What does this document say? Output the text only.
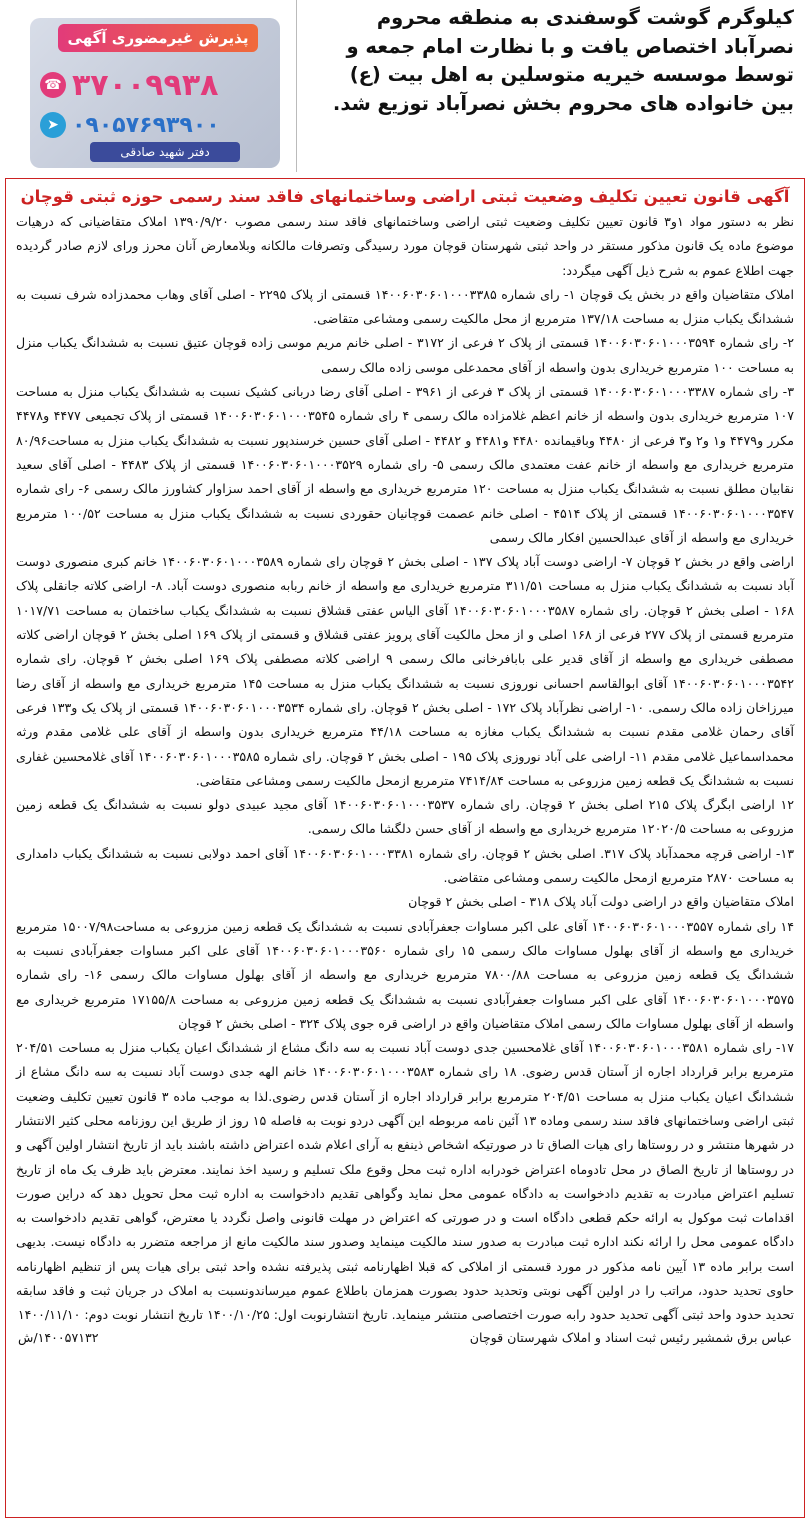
پذیرش غیرمضوری آگهی
☎ ۳۷۰۰۹۹۳۸
➤ ۰۹۰۵۷۶۹۳۹۰۰
دفتر شهید صادقی

کیلوگرم گوشت گوسفندی به منطقه محروم

نصرآباد اختصاص یافت و با نظارت امام جمعه و

توسط موسسه خیریه متوسلین به اهل بیت (ع)

بین خانواده های محروم بخش نصرآباد توزیع شد.

آگهی قانون تعیین تکلیف وضعیت ثبتی اراضی وساختمانهای فاقد سند رسمی حوزه ثبتی قوچان

نظر به دستور مواد ۱و۳ قانون تعیین تکلیف وضعیت ثبتی اراضی وساختمانهای فاقد سند رسمی مصوب ۱۳۹۰/۹/۲۰ املاک متقاضیانی که درهیات موضوع ماده یک قانون مذکور مستقر در واحد ثبتی شهرستان قوچان مورد رسیدگی وتصرفات مالکانه وبلامعارض آنان محرز ورای لازم صادر گردیده جهت اطلاع عموم به شرح ذیل آگهی میگردد:

املاک متقاضیان واقع در بخش یک قوچان ۱- رای شماره ۱۴۰۰۶۰۳۰۶۰۱۰۰۰۳۳۸۵ قسمتی از پلاک ۲۲۹۵ - اصلی آقای وهاب محمدزاده شرف نسبت به ششدانگ یکباب منزل به مساحت ۱۳۷/۱۸ مترمربع از محل مالکیت رسمی ومشاعی متقاضی.

۲- رای شماره ۱۴۰۰۶۰۳۰۶۰۱۰۰۰۳۵۹۴ قسمتی از پلاک ۲ فرعی از ۳۱۷۲ - اصلی خانم مریم موسی زاده قوچان عتیق نسبت به ششدانگ یکباب منزل به مساحت ۱۰۰ مترمربع خریداری بدون واسطه از آقای محمدعلی موسی زاده مالک رسمی

۳- رای شماره ۱۴۰۰۶۰۳۰۶۰۱۰۰۰۳۳۸۷ قسمتی از پلاک ۳ فرعی از ۳۹۶۱ - اصلی آقای رضا دربانی کشیک نسبت به ششدانگ یکباب منزل به مساحت ۱۰۷ مترمربع خریداری بدون واسطه از خانم اعظم غلامزاده مالک رسمی ۴ رای شماره ۱۴۰۰۶۰۳۰۶۰۱۰۰۰۳۵۴۵ قسمتی از پلاک تجمیعی ۴۴۷۷ و۴۴۷۸ مکرر و۴۴۷۹ و۱ و۲ و۳ فرعی از ۴۴۸۰ وباقیمانده ۴۴۸۰ و۴۴۸۱ و ۴۴۸۲ - اصلی آقای حسین خرسندپور نسبت به ششدانگ یکباب منزل به مساحت۸۰/۹۶ مترمربع خریداری مع واسطه از خانم عفت معتمدی مالک رسمی ۵- رای شماره ۱۴۰۰۶۰۳۰۶۰۱۰۰۰۳۵۲۹ قسمتی از پلاک ۴۴۸۳ - اصلی آقای سعید نقابیان مطلق نسبت به ششدانگ یکباب منزل به مساحت ۱۲۰ مترمربع خریداری مع واسطه از آقای احمد سزاوار کشاورز مالک رسمی ۶- رای شماره ۱۴۰۰۶۰۳۰۶۰۱۰۰۰۳۵۴۷ قسمتی از پلاک ۴۵۱۴ - اصلی خانم عصمت قوچانیان حقوردی نسبت به ششدانگ یکباب منزل به مساحت ۱۰۰/۵۲ مترمربع خریداری مع واسطه از آقای عبدالحسین افکار مالک رسمی

اراضی واقع در بخش ۲ قوچان ۷- اراضی دوست آباد پلاک ۱۳۷ - اصلی بخش ۲ قوچان رای شماره ۱۴۰۰۶۰۳۰۶۰۱۰۰۰۳۵۸۹ خانم کبری منصوری دوست آباد نسبت به ششدانگ یکباب منزل به مساحت ۳۱۱/۵۱ مترمربع خریداری مع واسطه از خانم ربابه منصوری دوست آباد. ۸- اراضی کلاته جانقلی پلاک ۱۶۸ - اصلی بخش ۲ قوچان. رای شماره ۱۴۰۰۶۰۳۰۶۰۱۰۰۰۳۵۸۷ آقای الیاس عفتی قشلاق نسبت به ششدانگ یکباب ساختمان به مساحت ۱۰۱۷/۷۱ مترمربع قسمتی از پلاک ۲۷۷ فرعی از ۱۶۸ اصلی و از محل مالکیت آقای پرویز عفتی قشلاق و قسمتی از پلاک ۱۶۹ اصلی بخش ۲ قوچان اراضی کلاته مصطفی خریداری مع واسطه از آقای قدیر علی بابافرخانی مالک رسمی ۹ اراضی کلاته مصطفی پلاک ۱۶۹ اصلی بخش ۲ قوچان. رای شماره ۱۴۰۰۶۰۳۰۶۰۱۰۰۰۳۵۴۲ آقای ابوالقاسم احسانی نوروزی نسبت به ششدانگ یکباب منزل به مساحت ۱۴۵ مترمربع خریداری مع واسطه از آقای رضا میرزاخان زاده مالک رسمی. ۱۰- اراضی نظرآباد پلاک ۱۷۲ - اصلی بخش ۲ قوچان. رای شماره ۱۴۰۰۶۰۳۰۶۰۱۰۰۰۳۵۳۴ قسمتی از پلاک یک و۱۳۳ فرعی آقای رحمان غلامی مقدم نسبت به ششدانگ یکباب مغازه به مساحت ۴۴/۱۸ مترمربع خریداری بدون واسطه از آقای علی غلامی مقدم ورثه محمداسماعیل غلامی مقدم ۱۱- اراضی علی آباد نوروزی پلاک ۱۹۵ - اصلی بخش ۲ قوچان. رای شماره ۱۴۰۰۶۰۳۰۶۰۱۰۰۰۳۵۸۵ آقای غلامحسین غفاری نسبت به ششدانگ یک قطعه زمین مزروعی به مساحت ۷۴۱۴/۸۴ مترمربع ازمحل مالکیت رسمی ومشاعی متقاضی.

۱۲ اراضی ابگرگ پلاک ۲۱۵ اصلی بخش ۲ قوچان. رای شماره ۱۴۰۰۶۰۳۰۶۰۱۰۰۰۳۵۳۷ آقای مجید عبیدی دولو نسبت به ششدانگ یک قطعه زمین مزروعی به مساحت ۱۲۰۲۰/۵ مترمربع خریداری مع واسطه از آقای حسن دلگشا مالک رسمی.

۱۳- اراضی قرچه محمدآباد پلاک ۳۱۷. اصلی بخش ۲ قوچان. رای شماره ۱۴۰۰۶۰۳۰۶۰۱۰۰۰۳۳۸۱ آقای احمد دولابی نسبت به ششدانگ یکباب دامداری به مساحت ۲۸۷۰ مترمربع ازمحل مالکیت رسمی ومشاعی متقاضی.

املاک متقاضیان واقع در اراضی دولت آباد پلاک ۳۱۸ - اصلی بخش ۲ قوچان

۱۴ رای شماره ۱۴۰۰۶۰۳۰۶۰۱۰۰۰۳۵۵۷ آقای علی اکبر مساوات جعفرآبادی نسبت به ششدانگ یک قطعه زمین مزروعی به مساحت۱۵۰۰۷/۹۸ مترمربع خریداری مع واسطه از آقای بهلول مساوات مالک رسمی ۱۵ رای شماره ۱۴۰۰۶۰۳۰۶۰۱۰۰۰۳۵۶۰ آقای علی اکبر مساوات جعفرآبادی نسبت به ششدانگ یک قطعه زمین مزروعی به مساحت ۷۸۰۰/۸۸ مترمربع خریداری مع واسطه از آقای بهلول مساوات مالک رسمی ۱۶- رای شماره ۱۴۰۰۶۰۳۰۶۰۱۰۰۰۳۵۷۵ آقای علی اکبر مساوات جعفرآبادی نسبت به ششدانگ یک قطعه زمین مزروعی به مساحت ۱۷۱۵۵/۸ مترمربع خریداری مع واسطه از آقای بهلول مساوات مالک رسمی املاک متقاضیان واقع در اراضی قره جوی پلاک ۳۲۴ - اصلی بخش ۲ قوچان

۱۷- رای شماره ۱۴۰۰۶۰۳۰۶۰۱۰۰۰۳۵۸۱ آقای غلامحسین جدی دوست آباد نسبت به سه دانگ مشاع از ششدانگ اعیان یکباب منزل به مساحت ۲۰۴/۵۱ مترمربع برابر قرارداد اجاره از آستان قدس رضوی. ۱۸ رای شماره ۱۴۰۰۶۰۳۰۶۰۱۰۰۰۳۵۸۳ خانم الهه جدی دوست آباد نسبت به سه دانگ مشاع از ششدانگ اعیان یکباب منزل به مساحت ۲۰۴/۵۱ مترمربع برابر قرارداد اجاره از آستان قدس رضوی.لذا به موجب ماده ۳ قانون تعیین تکلیف وضعیت ثبتی اراضی وساختمانهای فاقد سند رسمی وماده ۱۳ آئین نامه مربوطه این آگهی دردو نوبت به فاصله ۱۵ روز از طریق این روزنامه محلی کثیر الانتشار در شهرها منتشر و در روستاها رای هیات الصاق تا در صورتیکه اشخاص ذینفع به آرای اعلام شده اعتراض داشته باشند باید از تاریخ انتشار اولین آگهی و در روستاها از تاریخ الصاق در محل تادوماه اعتراض خودرابه اداره ثبت محل وقوع ملک تسلیم و رسید اخذ نمایند. معترض باید ظرف یک ماه از تاریخ تسلیم اعتراض مبادرت به تقدیم دادخواست به دادگاه عمومی محل نماید وگواهی تقدیم دادخواست به اداره ثبت محل تحویل دهد که دراین صورت اقدامات ثبت موکول به ارائه حکم قطعی دادگاه است و در صورتی که اعتراض در مهلت قانونی واصل نگردد یا معترض، گواهی تقدیم دادخواست به دادگاه عمومی محل را ارائه نکند اداره ثبت مبادرت به صدور سند مالکیت مینماید وصدور سند مالکیت مانع از مراجعه متضرر به دادگاه نیست. بدیهی است برابر ماده ۱۳ آیین نامه مذکور در مورد قسمتی از املاکی که قبلا اظهارنامه ثبتی پذیرفته نشده واحد ثبتی برای هیات پس از تنظیم اظهارنامه حاوی تحدید حدود، مراتب را در اولین آگهی نوبتی وتحدید حدود بصورت همزمان باطلاع عموم میرساندونسبت به املاک در جریان ثبت و فاقد سابقه تحدید حدود واحد ثبتی آگهی تحدید حدود رابه صورت اختصاصی منتشر مینماید. تاریخ انتشارنوبت اول: ۱۴۰۰/۱۰/۲۵ تاریخ انتشار نوبت دوم: ۱۴۰۰/۱۱/۱۰

عباس برق شمشیر رئیس ثبت اسناد و املاک شهرستان قوچان
۱۴۰۰۵۷۱۳۲/ش
